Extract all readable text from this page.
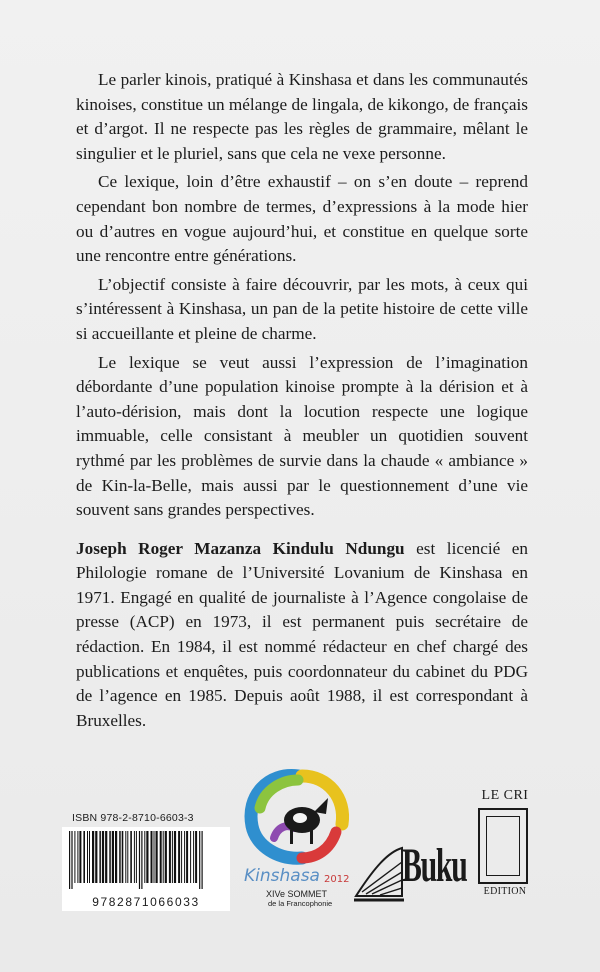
Le parler kinois, pratiqué à Kinshasa et dans les communautés kinoises, constitue un mélange de lingala, de kikongo, de français et d’argot. Il ne respecte pas les règles de grammaire, mêlant le singulier et le pluriel, sans que cela ne vexe personne.

Ce lexique, loin d’être exhaustif – on s’en doute – reprend cependant bon nombre de termes, d’expressions à la mode hier ou d’autres en vogue aujourd’hui, et constitue en quelque sorte une rencontre entre générations.

L’objectif consiste à faire découvrir, par les mots, à ceux qui s’intéressent à Kinshasa, un pan de la petite histoire de cette ville si accueillante et pleine de charme.

Le lexique se veut aussi l’expression de l’imagination débordante d’une population kinoise prompte à la dérision et à l’auto-dérision, mais dont la locution respecte une logique immuable, celle consistant à meubler un quotidien souvent rythmé par les problèmes de survie dans la chaude « ambiance » de Kin-la-Belle, mais aussi par le questionnement d’une vie souvent sans grandes perspectives.

Joseph Roger Mazanza Kindulu Ndungu est licencié en Philologie romane de l’Université Lovanium de Kinshasa en 1971. Engagé en qualité de journaliste à l’Agence congolaise de presse (ACP) en 1973, il est permanent puis secrétaire de rédaction. En 1984, il est nommé rédacteur en chef chargé des publications et enquêtes, puis coordonnateur du cabinet du PDG de l’agence en 1985. Depuis août 1988, il est correspondant à Bruxelles.

ISBN 978-2-8710-6603-3
9782871066033
Kinshasa 2012
XIVe SOMMET
de la Francophonie
Buku
LE CRI
EDITION
